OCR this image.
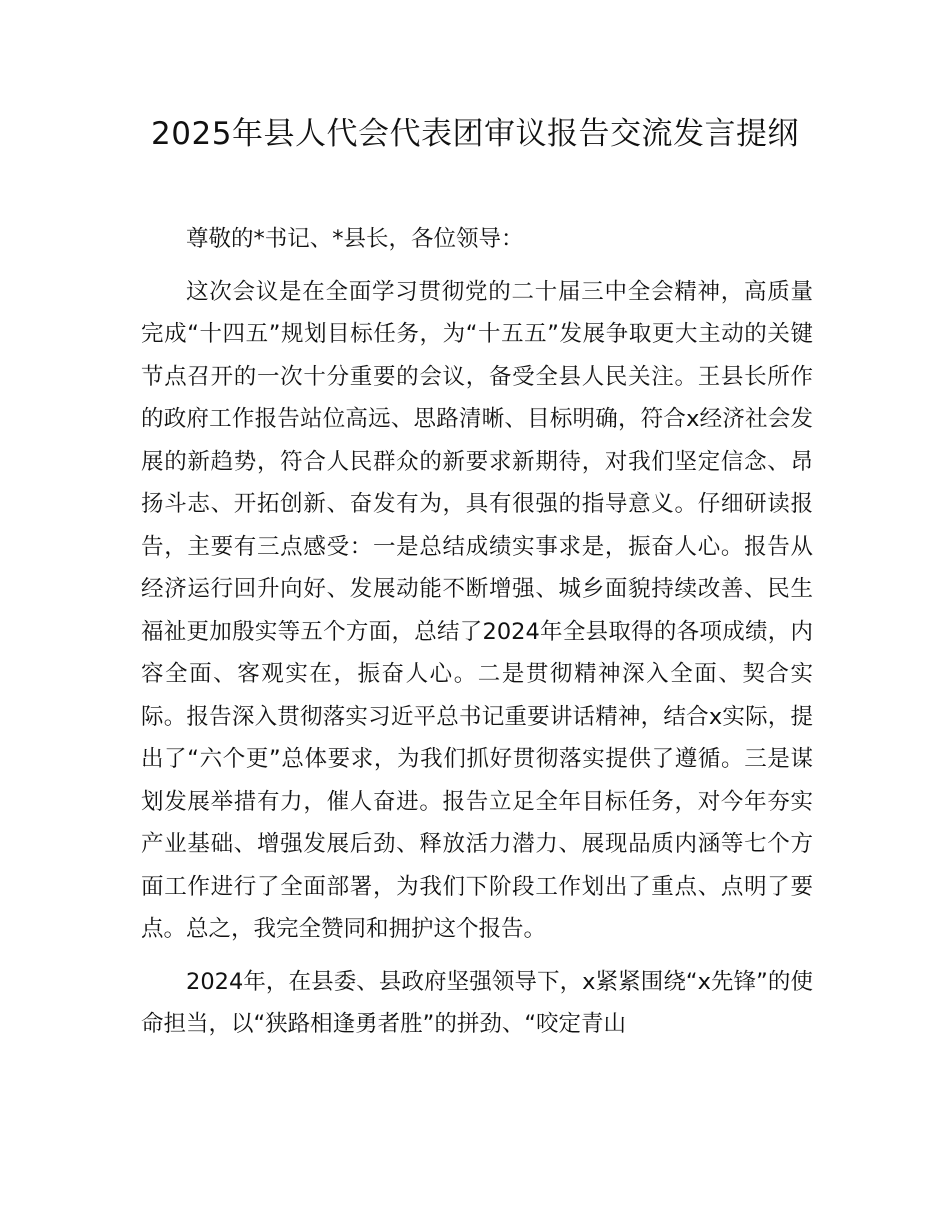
2025年县人代会代表团审议报告交流发言提纲

尊敬的*书记、*县长，各位领导：

这次会议是在全面学习贯彻党的二十届三中全会精神，高质量完成“十四五”规划目标任务，为“十五五”发展争取更大主动的关键节点召开的一次十分重要的会议，备受全县人民关注。王县长所作的政府工作报告站位高远、思路清晰、目标明确，符合x经济社会发展的新趋势，符合人民群众的新要求新期待，对我们坚定信念、昂扬斗志、开拓创新、奋发有为，具有很强的指导意义。仔细研读报告，主要有三点感受：一是总结成绩实事求是，振奋人心。报告从经济运行回升向好、发展动能不断增强、城乡面貌持续改善、民生福祉更加殷实等五个方面，总结了2024年全县取得的各项成绩，内容全面、客观实在，振奋人心。二是贯彻精神深入全面、契合实际。报告深入贯彻落实习近平总书记重要讲话精神，结合x实际，提出了“六个更”总体要求，为我们抓好贯彻落实提供了遵循。三是谋划发展举措有力，催人奋进。报告立足全年目标任务，对今年夯实产业基础、增强发展后劲、释放活力潜力、展现品质内涵等七个方面工作进行了全面部署，为我们下阶段工作划出了重点、点明了要点。总之，我完全赞同和拥护这个报告。

2024年，在县委、县政府坚强领导下，x紧紧围绕“x先锋”的使命担当，以“狭路相逢勇者胜”的拼劲、“咬定青山
